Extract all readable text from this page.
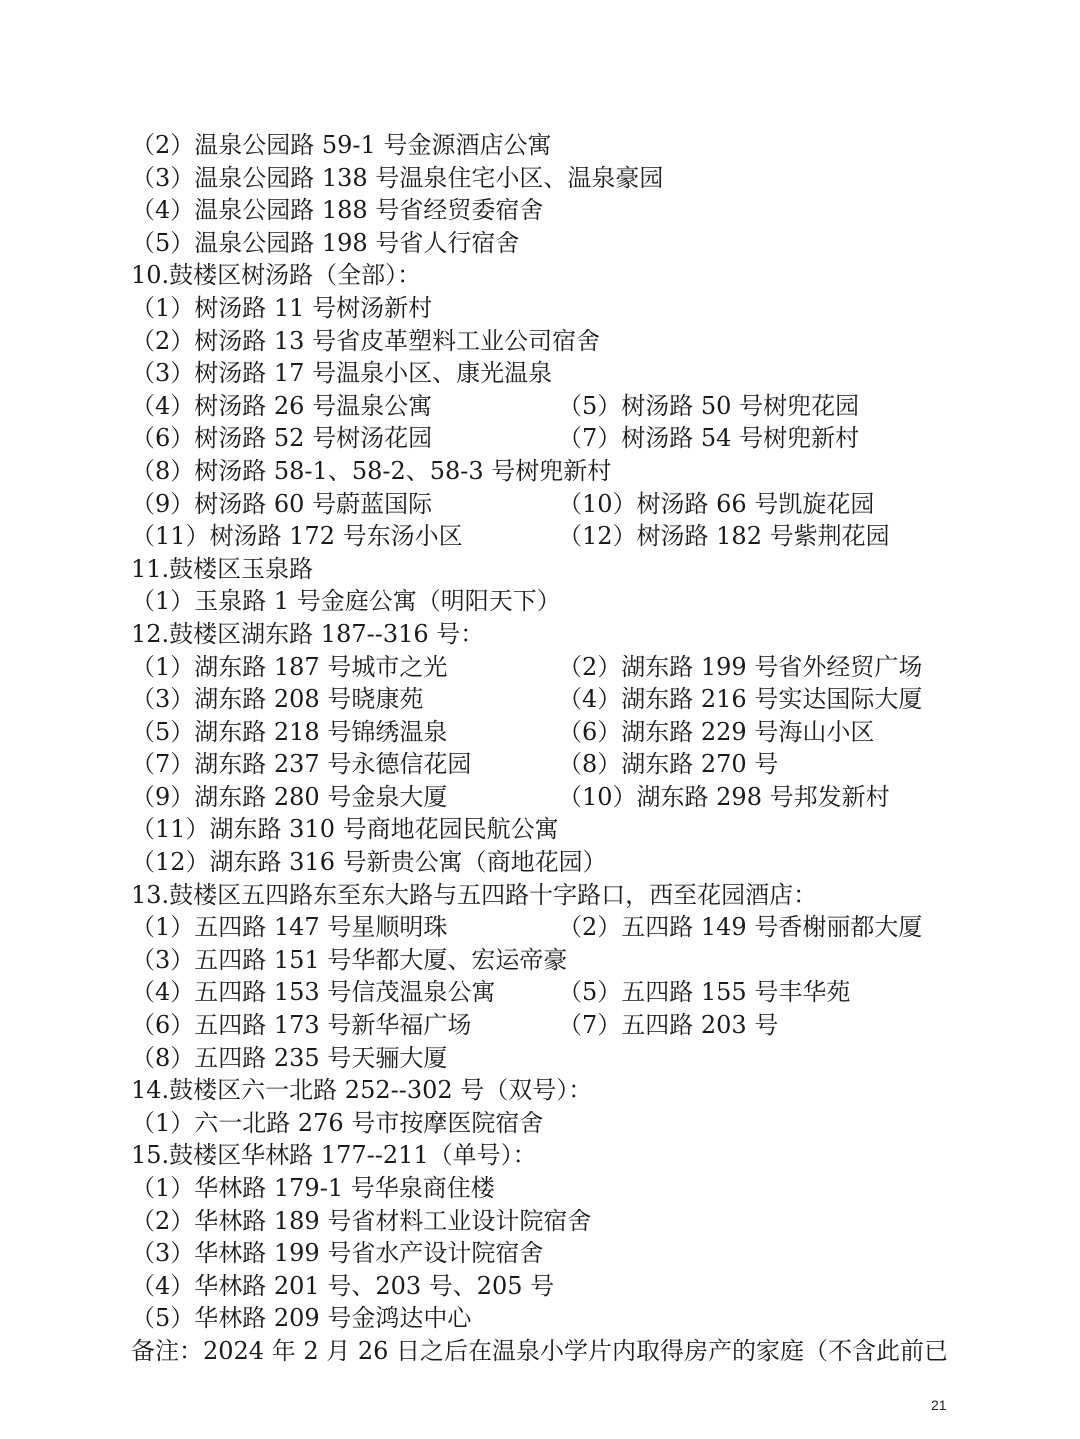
（2）温泉公园路 59-1 号金源酒店公寓
（3）温泉公园路 138 号温泉住宅小区、温泉豪园
（4）温泉公园路 188 号省经贸委宿舍
（5）温泉公园路 198 号省人行宿舍
10.鼓楼区树汤路（全部）：
（1）树汤路 11 号树汤新村
（2）树汤路 13 号省皮革塑料工业公司宿舍
（3）树汤路 17 号温泉小区、康光温泉
（4）树汤路 26 号温泉公寓	（5）树汤路 50 号树兜花园
（6）树汤路 52 号树汤花园	（7）树汤路 54 号树兜新村
（8）树汤路 58-1、58-2、58-3 号树兜新村
（9）树汤路 60 号蔚蓝国际	（10）树汤路 66 号凯旋花园
（11）树汤路 172 号东汤小区	（12）树汤路 182 号紫荆花园
11.鼓楼区玉泉路
（1）玉泉路 1 号金庭公寓（明阳天下）
12.鼓楼区湖东路 187--316 号：
（1）湖东路 187 号城市之光	（2）湖东路 199 号省外经贸广场
（3）湖东路 208 号晓康苑	（4）湖东路 216 号实达国际大厦
（5）湖东路 218 号锦绣温泉	（6）湖东路 229 号海山小区
（7）湖东路 237 号永德信花园	（8）湖东路 270 号
（9）湖东路 280 号金泉大厦	（10）湖东路 298 号邦发新村
（11）湖东路 310 号商地花园民航公寓
（12）湖东路 316 号新贵公寓（商地花园）
13.鼓楼区五四路东至东大路与五四路十字路口，西至花园酒店：
（1）五四路 147 号星顺明珠	（2）五四路 149 号香榭丽都大厦
（3）五四路 151 号华都大厦、宏运帝豪
（4）五四路 153 号信茂温泉公寓	（5）五四路 155 号丰华苑
（6）五四路 173 号新华福广场	（7）五四路 203 号
（8）五四路 235 号天骊大厦
14.鼓楼区六一北路 252--302 号（双号）：
（1）六一北路 276 号市按摩医院宿舍
15.鼓楼区华林路 177--211（单号）：
（1）华林路 179-1 号华泉商住楼
（2）华林路 189 号省材料工业设计院宿舍
（3）华林路 199 号省水产设计院宿舍
（4）华林路 201 号、203 号、205 号
（5）华林路 209 号金鸿达中心
备注：2024 年 2 月 26 日之后在温泉小学片内取得房产的家庭（不含此前已
21
